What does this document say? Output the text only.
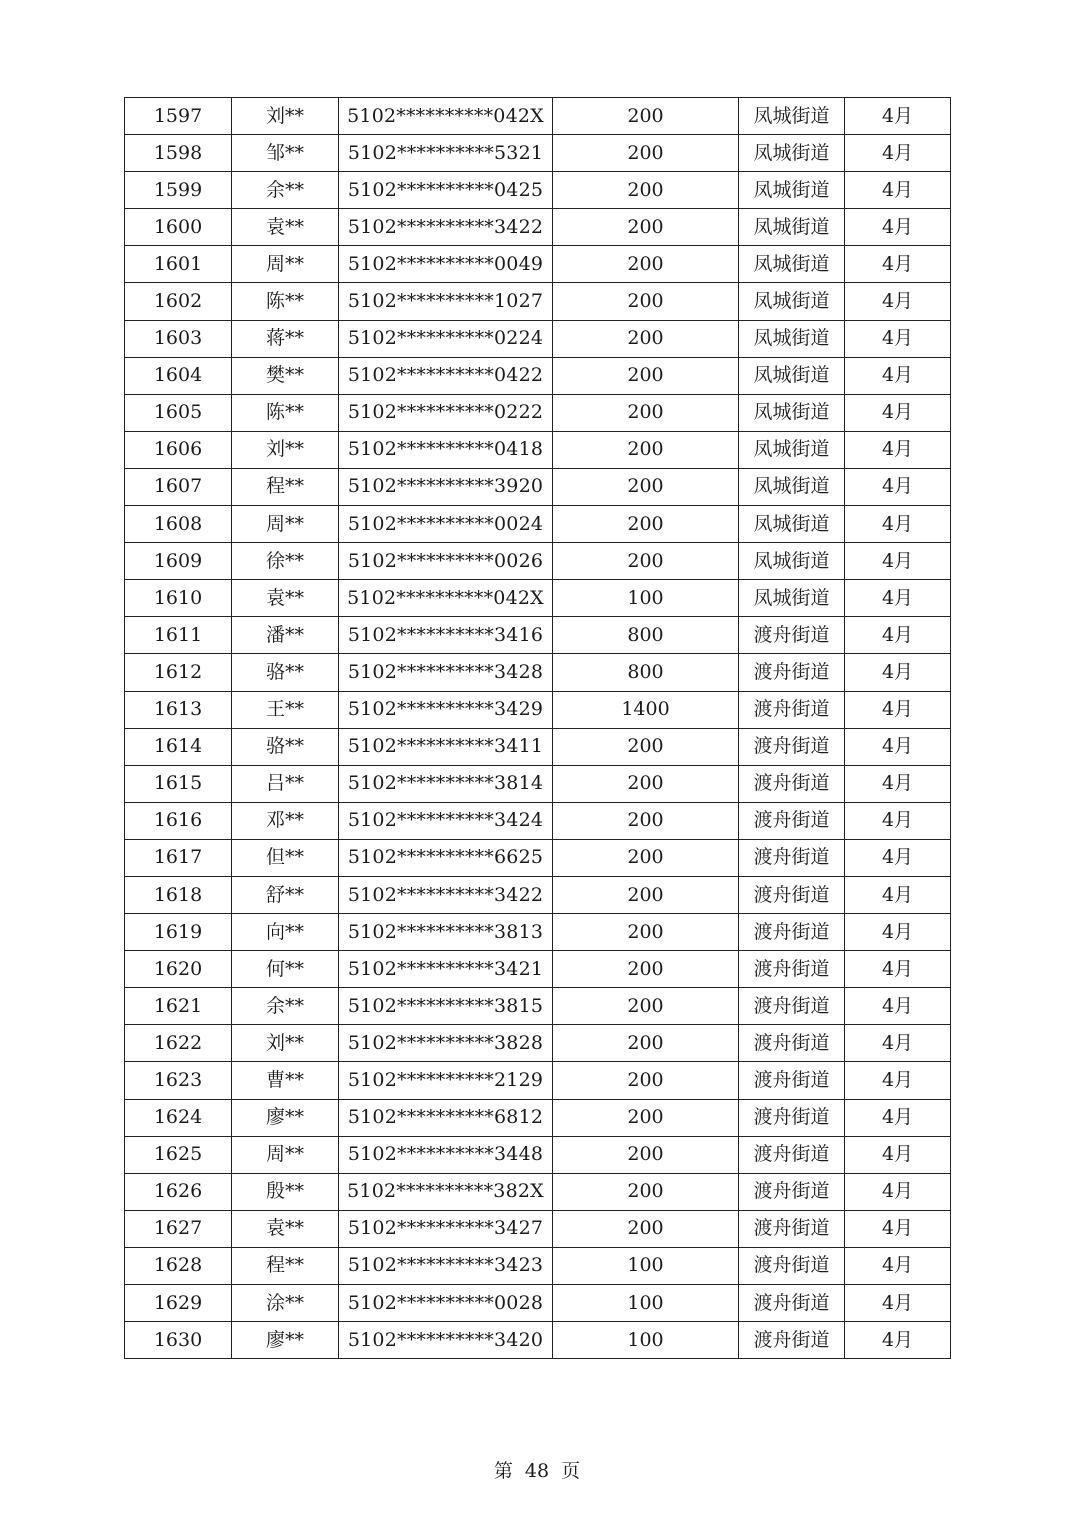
1597	刘**	5102**********042X	200	凤城街道	4月
1598	邹**	5102**********5321	200	凤城街道	4月
1599	余**	5102**********0425	200	凤城街道	4月
1600	袁**	5102**********3422	200	凤城街道	4月
1601	周**	5102**********0049	200	凤城街道	4月
1602	陈**	5102**********1027	200	凤城街道	4月
1603	蒋**	5102**********0224	200	凤城街道	4月
1604	樊**	5102**********0422	200	凤城街道	4月
1605	陈**	5102**********0222	200	凤城街道	4月
1606	刘**	5102**********0418	200	凤城街道	4月
1607	程**	5102**********3920	200	凤城街道	4月
1608	周**	5102**********0024	200	凤城街道	4月
1609	徐**	5102**********0026	200	凤城街道	4月
1610	袁**	5102**********042X	100	凤城街道	4月
1611	潘**	5102**********3416	800	渡舟街道	4月
1612	骆**	5102**********3428	800	渡舟街道	4月
1613	王**	5102**********3429	1400	渡舟街道	4月
1614	骆**	5102**********3411	200	渡舟街道	4月
1615	吕**	5102**********3814	200	渡舟街道	4月
1616	邓**	5102**********3424	200	渡舟街道	4月
1617	但**	5102**********6625	200	渡舟街道	4月
1618	舒**	5102**********3422	200	渡舟街道	4月
1619	向**	5102**********3813	200	渡舟街道	4月
1620	何**	5102**********3421	200	渡舟街道	4月
1621	余**	5102**********3815	200	渡舟街道	4月
1622	刘**	5102**********3828	200	渡舟街道	4月
1623	曹**	5102**********2129	200	渡舟街道	4月
1624	廖**	5102**********6812	200	渡舟街道	4月
1625	周**	5102**********3448	200	渡舟街道	4月
1626	殷**	5102**********382X	200	渡舟街道	4月
1627	袁**	5102**********3427	200	渡舟街道	4月
1628	程**	5102**********3423	100	渡舟街道	4月
1629	涂**	5102**********0028	100	渡舟街道	4月
1630	廖**	5102**********3420	100	渡舟街道	4月
第 48 页
